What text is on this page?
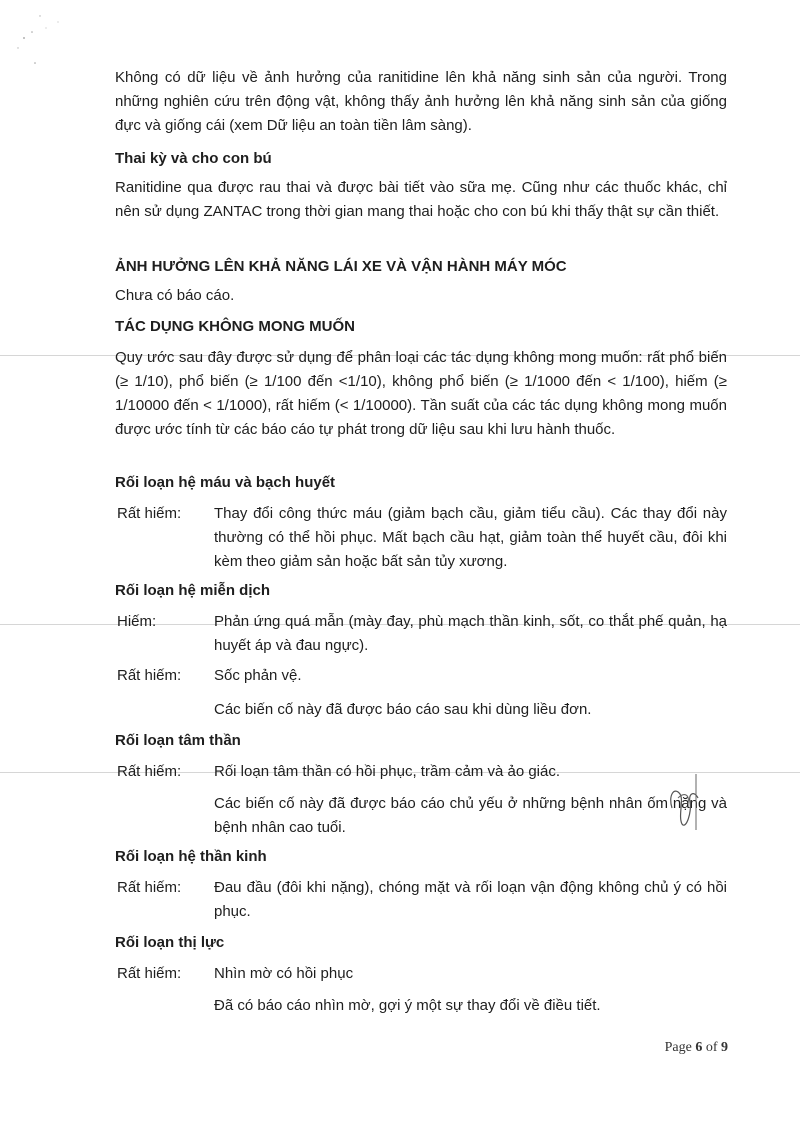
Không có dữ liệu về ảnh hưởng của ranitidine lên khả năng sinh sản của người. Trong những nghiên cứu trên động vật, không thấy ảnh hưởng lên khả năng sinh sản của giống đực và giống cái (xem Dữ liệu an toàn tiền lâm sàng).

Thai kỳ và cho con bú

Ranitidine qua được rau thai và được bài tiết vào sữa mẹ. Cũng như các thuốc khác, chỉ nên sử dụng ZANTAC trong thời gian mang thai hoặc cho con bú khi thấy thật sự cần thiết.

ẢNH HƯỞNG LÊN KHẢ NĂNG LÁI XE VÀ VẬN HÀNH MÁY MÓC

Chưa có báo cáo.

TÁC DỤNG KHÔNG MONG MUỐN

Quy ước sau đây được sử dụng để phân loại các tác dụng không mong muốn: rất phổ biến (≥ 1/10), phổ biến (≥ 1/100 đến <1/10), không phổ biến (≥ 1/1000 đến < 1/100), hiếm (≥ 1/10000 đến < 1/1000), rất hiếm (< 1/10000). Tần suất của các tác dụng không mong muốn được ước tính từ các báo cáo tự phát trong dữ liệu sau khi lưu hành thuốc.

Rối loạn hệ máu và bạch huyết
Rất hiếm: Thay đổi công thức máu (giảm bạch cầu, giảm tiểu cầu). Các thay đổi này thường có thể hồi phục. Mất bạch cầu hạt, giảm toàn thể huyết cầu, đôi khi kèm theo giảm sản hoặc bất sản tủy xương.

Rối loạn hệ miễn dịch
Hiếm:	Phản ứng quá mẫn (mày đay, phù mạch thần kinh, sốt, co thắt phế quản, hạ huyết áp và đau ngực).

Rất hiếm: Sốc phản vệ.

Các biến cố này đã được báo cáo sau khi dùng liều đơn.

Rối loạn tâm thần
Rất hiếm: Rối loạn tâm thần có hồi phục, trầm cảm và ảo giác.

Các biến cố này đã được báo cáo chủ yếu ở những bệnh nhân ốm nặng và bệnh nhân cao tuổi.

Rối loạn hệ thần kinh
Rất hiếm: Đau đầu (đôi khi nặng), chóng mặt và rối loạn vận động không chủ ý có hồi phục.

Rối loạn thị lực
Rất hiếm: Nhìn mờ có hồi phục

Đã có báo cáo nhìn mờ, gợi ý một sự thay đổi về điều tiết.

Page 6 of 9
